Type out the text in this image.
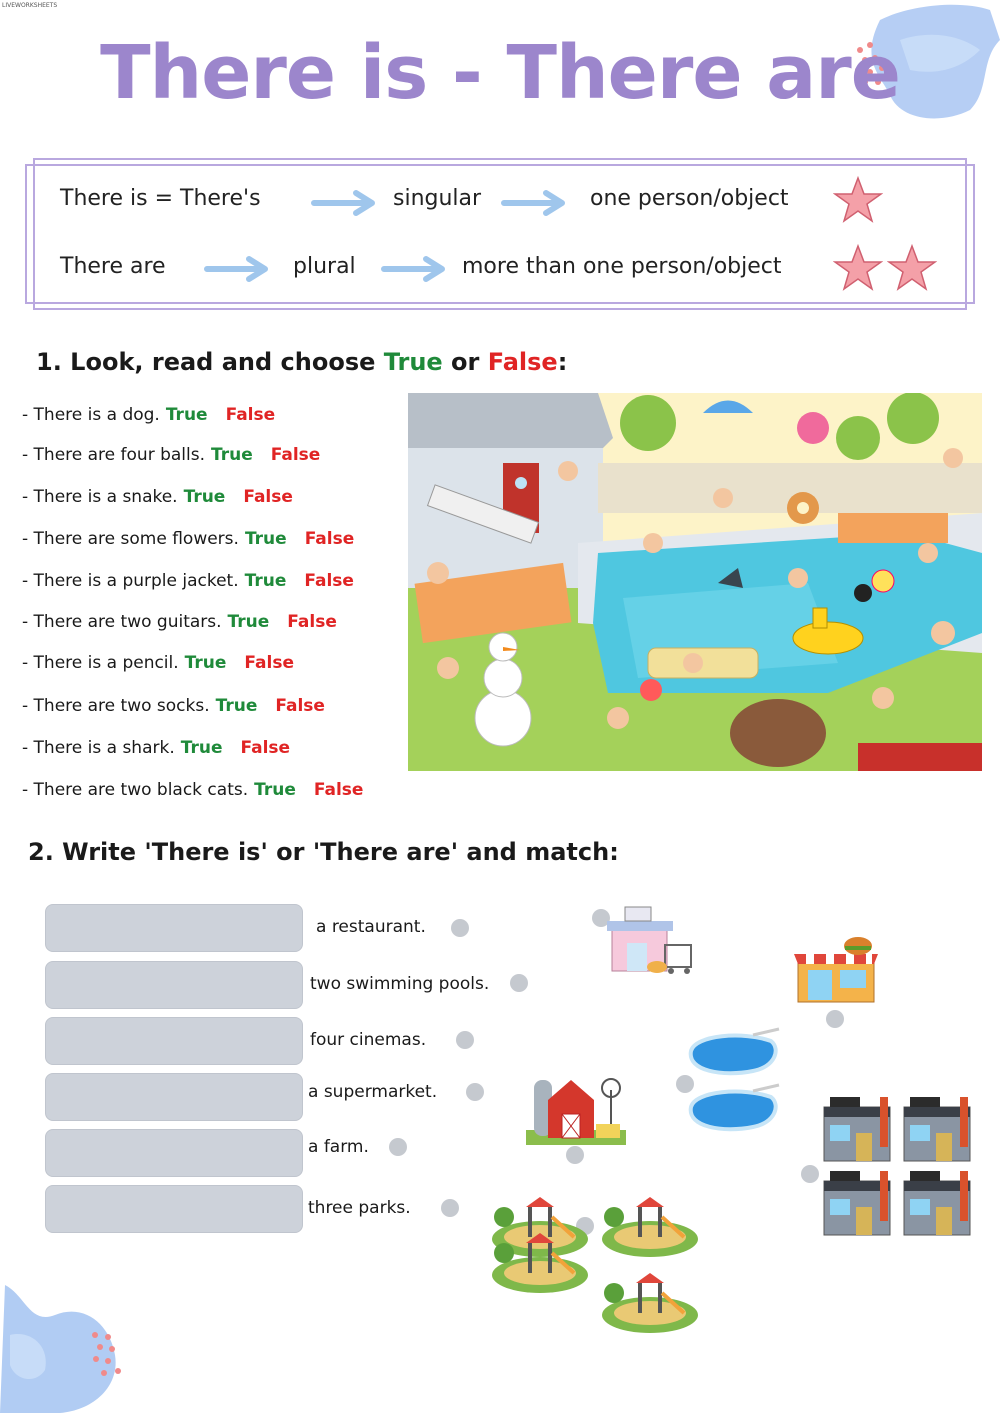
LIVEWORKSHEETS
There is - There are
There is = There's	singular	one person/object
There are	plural	more than one person/object
1. Look, read and choose True or False:
- There is a dog. True False
- There are four balls. True False
- There is a snake. True False
- There are some flowers. True False
- There is a purple jacket. True False
- There are two guitars. True False
- There is a pencil. True False
- There are two socks. True False
- There is a shark. True False
- There are two black cats. True False
2. Write 'There is' or 'There are' and match:
a restaurant.
two swimming pools.
four cinemas.
a supermarket.
a farm.
three parks.
